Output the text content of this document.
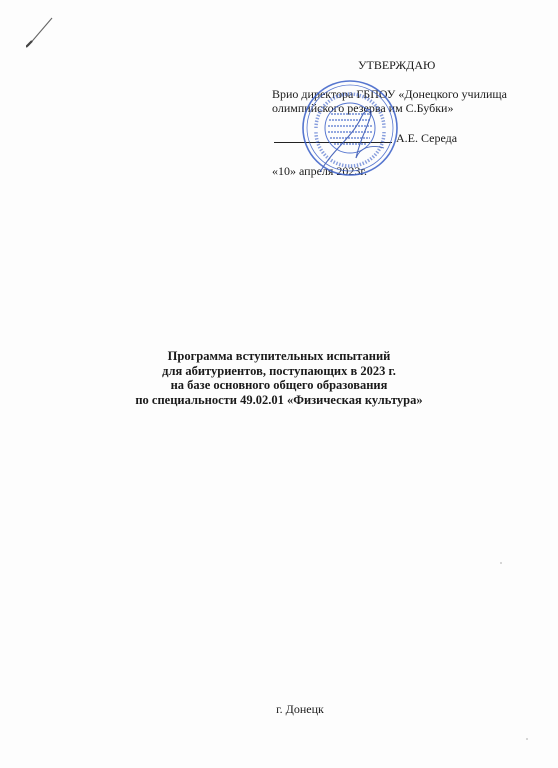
УТВЕРЖДАЮ
Врио директора ГБПОУ «Донецкого училища
олимпийского резерва им С.Бубки»
А.Е. Середа
«10» апреля 2023г.
Программа вступительных испытаний
для абитуриентов, поступающих в 2023 г.
на базе основного общего образования
по специальности 49.02.01 «Физическая культура»
г. Донецк
